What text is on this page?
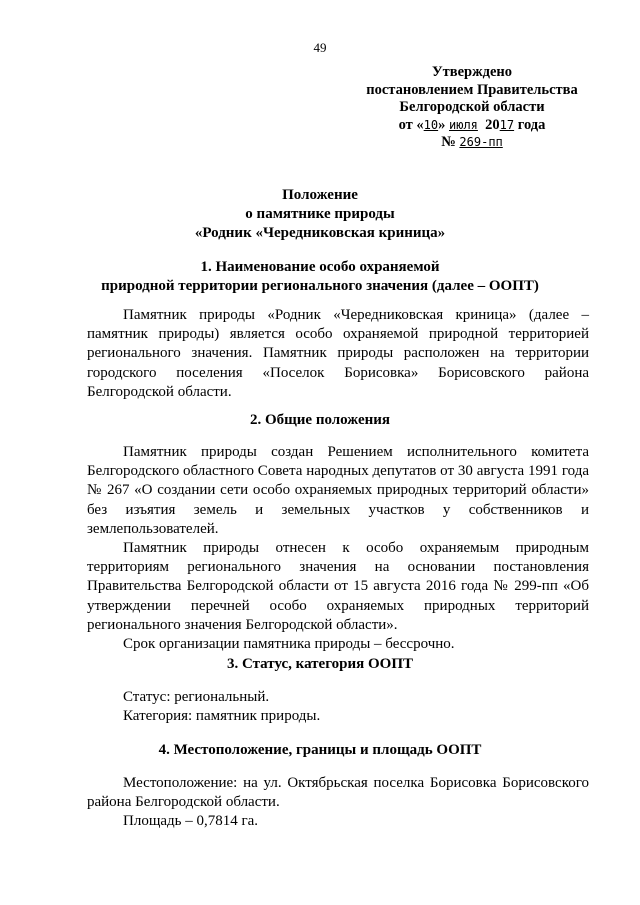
49
Утверждено
постановлением Правительства
Белгородской области
от «10» июля 2017 года
№ 269-пп
Положение
о памятнике природы
«Родник «Чередниковская криница»
1. Наименование особо охраняемой
природной территории регионального значения (далее – ООПТ)

Памятник природы «Родник «Чередниковская криница» (далее – памятник природы) является особо охраняемой природной территорией регионального значения. Памятник природы расположен на территории городского поселения «Поселок Борисовка» Борисовского района Белгородской области.

2. Общие положения

Памятник природы создан Решением исполнительного комитета Белгородского областного Совета народных депутатов от 30 августа 1991 года № 267 «О создании сети особо охраняемых природных территорий области» без изъятия земель и земельных участков у собственников и землепользователей.

Памятник природы отнесен к особо охраняемым природным территориям регионального значения на основании постановления Правительства Белгородской области от 15 августа 2016 года № 299-пп «Об утверждении перечней особо охраняемых природных территорий регионального значения Белгородской области».

Срок организации памятника природы – бессрочно.

3. Статус, категория ООПТ

Статус: региональный.

Категория: памятник природы.

4. Местоположение, границы и площадь ООПТ

Местоположение: на ул. Октябрьская поселка Борисовка Борисовского района Белгородской области.

Площадь – 0,7814 га.
